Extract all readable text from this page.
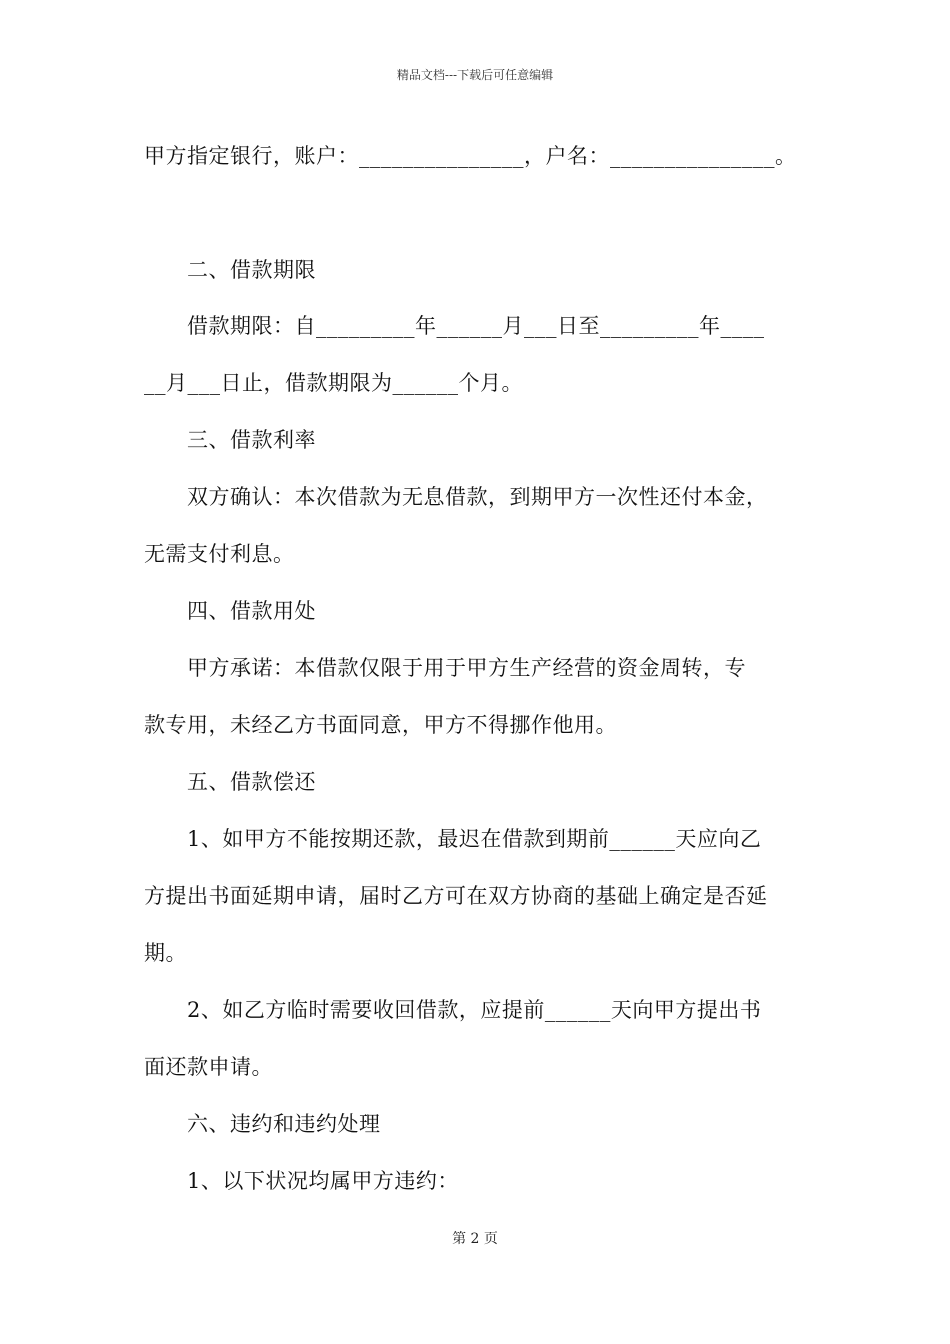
精品文档---下载后可任意编辑
甲方指定银行，账户：_______________，户名：_______________。
　　二、借款期限
　　借款期限：自_________年______月___日至_________年____
__月___日止，借款期限为______个月。
　　三、借款利率
　　双方确认：本次借款为无息借款，到期甲方一次性还付本金，
无需支付利息。
　　四、借款用处
　　甲方承诺：本借款仅限于用于甲方生产经营的资金周转，专
款专用，未经乙方书面同意，甲方不得挪作他用。
　　五、借款偿还
　　1、如甲方不能按期还款，最迟在借款到期前______天应向乙
方提出书面延期申请，届时乙方可在双方协商的基础上确定是否延
期。
　　2、如乙方临时需要收回借款，应提前______天向甲方提出书
面还款申请。
　　六、违约和违约处理
　　1、以下状况均属甲方违约：
第 2 页
